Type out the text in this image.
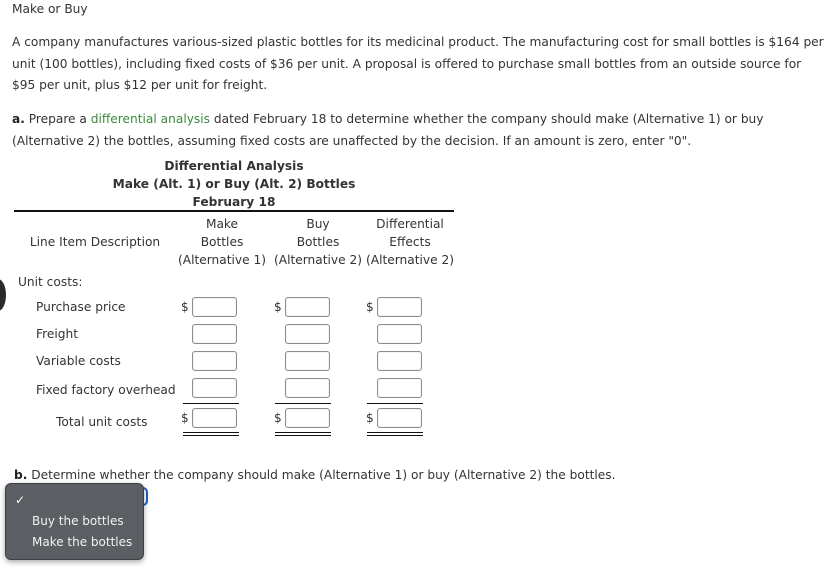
Make or Buy
A company manufactures various-sized plastic bottles for its medicinal product. The manufacturing cost for small bottles is $164 per unit (100 bottles), including fixed costs of $36 per unit. A proposal is offered to purchase small bottles from an outside source for $95 per unit, plus $12 per unit for freight.
a. Prepare a differential analysis dated February 18 to determine whether the company should make (Alternative 1) or buy (Alternative 2) the bottles, assuming fixed costs are unaffected by the decision. If an amount is zero, enter "0".
Differential Analysis
Make (Alt. 1) or Buy (Alt. 2) Bottles
February 18
Line Item Description
Make
Bottles
(Alternative 1)
Buy
Bottles
(Alternative 2)
Differential
Effects
(Alternative 2)
Unit costs:
Purchase price
Freight
Variable costs
Fixed factory overhead
Total unit costs
$
$
$
$
$
$
b. Determine whether the company should make (Alternative 1) or buy (Alternative 2) the bottles.
✓
Buy the bottles
Make the bottles
